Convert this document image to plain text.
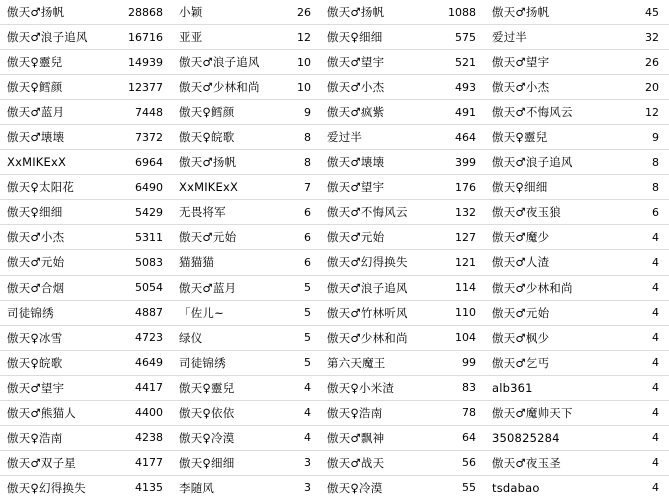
傲天♂扬帆	28868	小颖	26	傲天♂扬帆	1088	傲天♂扬帆	45
傲天♂浪子追风	16716	亚亚	12	傲天♀细细	575	爱过半	32
傲天♀靈兒	14939	傲天♂浪子追风	10	傲天♂望宇	521	傲天♂望宇	26
傲天♀鳕颜	12377	傲天♂少林和尚	10	傲天♂小杰	493	傲天♂小杰	20
傲天♂蓝月	7448	傲天♀鳕颜	9	傲天♂疯紫	491	傲天♂不悔风云	12
傲天♂壊壊	7372	傲天♀皖歌	8	爱过半	464	傲天♀靈兒	9
XxMIKExX	6964	傲天♂扬帆	8	傲天♂壊壊	399	傲天♂浪子追风	8
傲天♀太阳花	6490	XxMIKExX	7	傲天♂望宇	176	傲天♀细细	8
傲天♀细细	5429	无畏将军	6	傲天♂不悔风云	132	傲天♂夜玉狼	6
傲天♂小杰	5311	傲天♂元始	6	傲天♂元始	127	傲天♂魔少	4
傲天♂元始	5083	猫猫猫	6	傲天♂幻得换失	121	傲天♂人渣	4
傲天♂合烟	5054	傲天♂蓝月	5	傲天♂浪子追风	114	傲天♂少林和尚	4
司徒锦绣	4887	「佐儿~	5	傲天♂竹林听风	110	傲天♂元始	4
傲天♀冰雪	4723	绿仪	5	傲天♂少林和尚	104	傲天♂枫少	4
傲天♀皖歌	4649	司徒锦绣	5	第六天魔王	99	傲天♂乞丐	4
傲天♂望宇	4417	傲天♀靈兒	4	傲天♀小米渣	83	alb361	4
傲天♂熊猫人	4400	傲天♀依依	4	傲天♀浩南	78	傲天♂魔帅天下	4
傲天♀浩南	4238	傲天♀冷漠	4	傲天♂飘神	64	350825284	4
傲天♂双子星	4177	傲天♀细细	3	傲天♂战天	56	傲天♂夜玉圣	4
傲天♀幻得换失	4135	李随风	3	傲天♀冷漠	55	tsdabao	4
